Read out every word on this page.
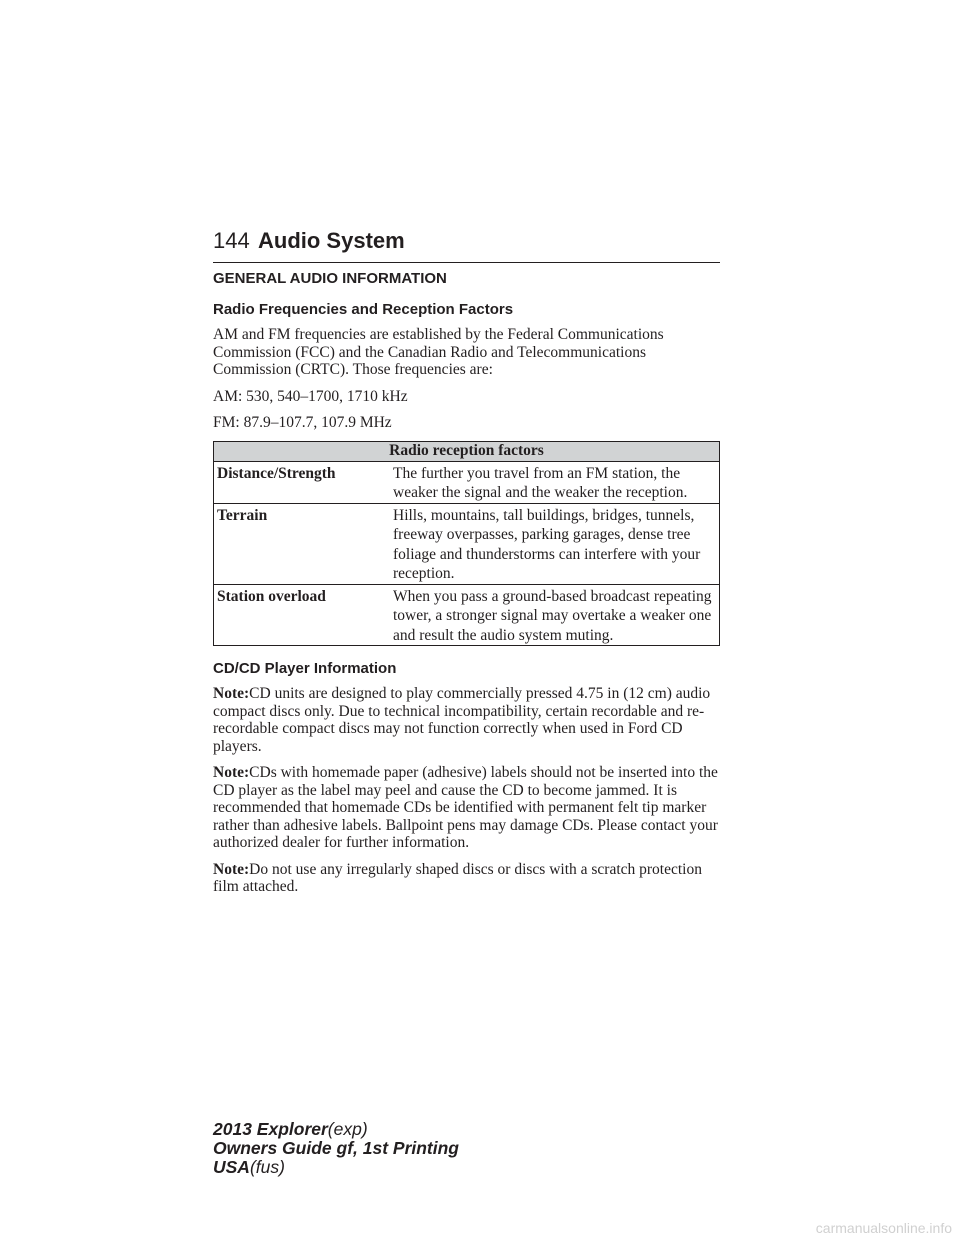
144 Audio System
GENERAL AUDIO INFORMATION
Radio Frequencies and Reception Factors

AM and FM frequencies are established by the Federal Communications Commission (FCC) and the Canadian Radio and Telecommunications Commission (CRTC). Those frequencies are:

AM: 530, 540–1700, 1710 kHz

FM: 87.9–107.7, 107.9 MHz

Radio reception factors	
Distance/Strength	The further you travel from an FM station, the weaker the signal and the weaker the reception.
Terrain	Hills, mountains, tall buildings, bridges, tunnels, freeway overpasses, parking garages, dense tree foliage and thunderstorms can interfere with your reception.
Station overload	When you pass a ground-based broadcast repeating tower, a stronger signal may overtake a weaker one and result the audio system muting.
CD/CD Player Information

Note:CD units are designed to play commercially pressed 4.75 in (12 cm) audio compact discs only. Due to technical incompatibility, certain recordable and re-recordable compact discs may not function correctly when used in Ford CD players.

Note:CDs with homemade paper (adhesive) labels should not be inserted into the CD player as the label may peel and cause the CD to become jammed. It is recommended that homemade CDs be identified with permanent felt tip marker rather than adhesive labels. Ballpoint pens may damage CDs. Please contact your authorized dealer for further information.

Note:Do not use any irregularly shaped discs or discs with a scratch protection film attached.

2013 Explorer(exp)
Owners Guide gf, 1st Printing
USA(fus)
carmanualsonline.info
